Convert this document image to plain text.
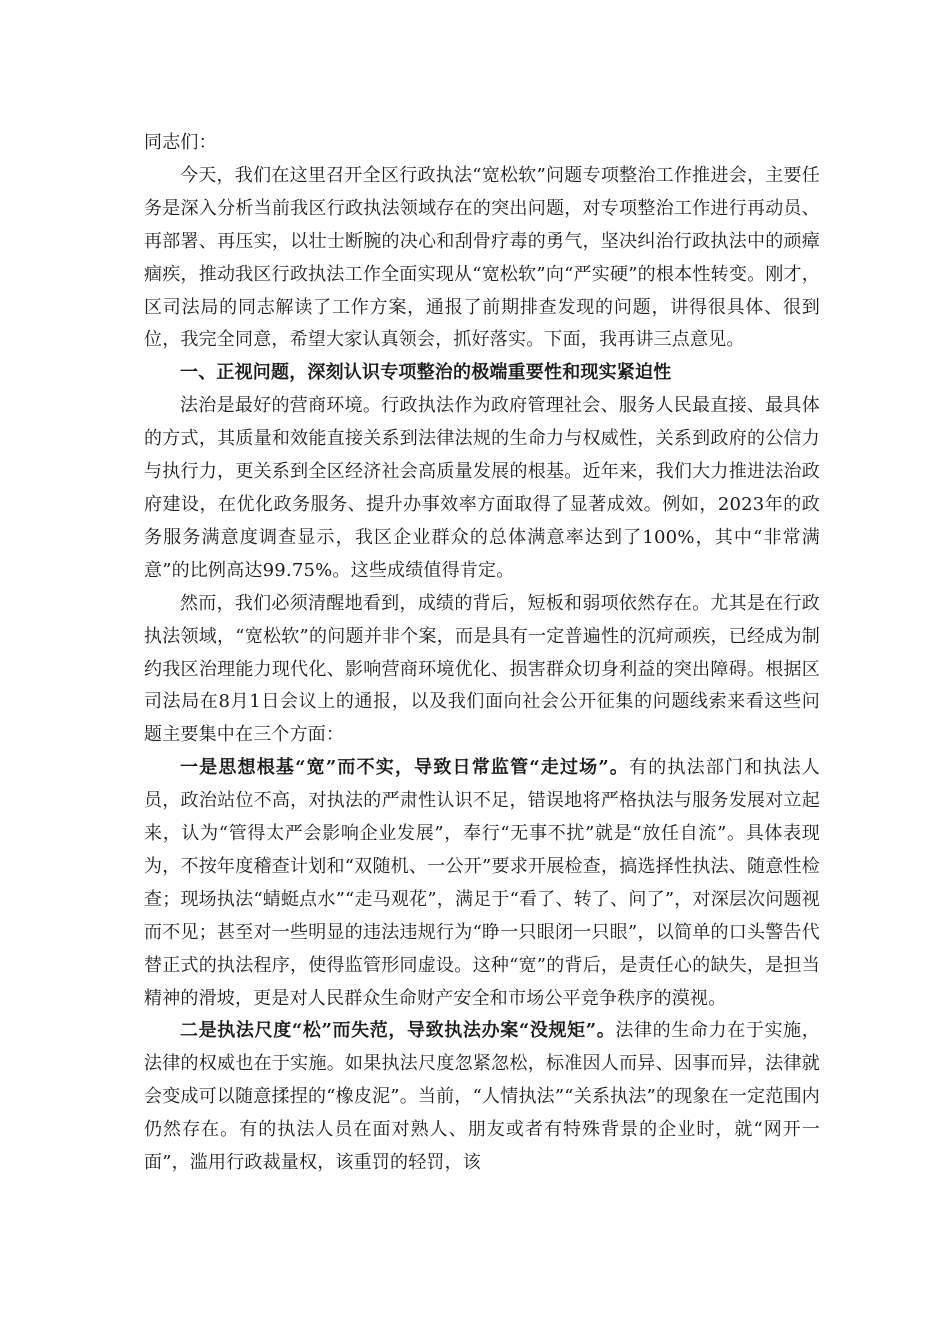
同志们：

今天，我们在这里召开全区行政执法“宽松软”问题专项整治工作推进会，主要任务是深入分析当前我区行政执法领域存在的突出问题，对专项整治工作进行再动员、再部署、再压实，以壮士断腕的决心和刮骨疗毒的勇气，坚决纠治行政执法中的顽瘴痼疾，推动我区行政执法工作全面实现从“宽松软”向“严实硬”的根本性转变。刚才，区司法局的同志解读了工作方案，通报了前期排查发现的问题，讲得很具体、很到位，我完全同意，希望大家认真领会，抓好落实。下面，我再讲三点意见。

一、正视问题，深刻认识专项整治的极端重要性和现实紧迫性

法治是最好的营商环境。行政执法作为政府管理社会、服务人民最直接、最具体的方式，其质量和效能直接关系到法律法规的生命力与权威性，关系到政府的公信力与执行力，更关系到全区经济社会高质量发展的根基。近年来，我们大力推进法治政府建设，在优化政务服务、提升办事效率方面取得了显著成效。例如，2023年的政务服务满意度调查显示，我区企业群众的总体满意率达到了100%，其中“非常满意”的比例高达99.75%。这些成绩值得肯定。

然而，我们必须清醒地看到，成绩的背后，短板和弱项依然存在。尤其是在行政执法领域，“宽松软”的问题并非个案，而是具有一定普遍性的沉疴顽疾，已经成为制约我区治理能力现代化、影响营商环境优化、损害群众切身利益的突出障碍。根据区司法局在8月1日会议上的通报，以及我们面向社会公开征集的问题线索来看这些问题主要集中在三个方面：

一是思想根基“宽”而不实，导致日常监管“走过场”。有的执法部门和执法人员，政治站位不高，对执法的严肃性认识不足，错误地将严格执法与服务发展对立起来，认为“管得太严会影响企业发展”，奉行“无事不扰”就是“放任自流”。具体表现为，不按年度稽查计划和“双随机、一公开”要求开展检查，搞选择性执法、随意性检查；现场执法“蜻蜓点水”“走马观花”，满足于“看了、转了、问了”，对深层次问题视而不见；甚至对一些明显的违法违规行为“睁一只眼闭一只眼”，以简单的口头警告代替正式的执法程序，使得监管形同虚设。这种“宽”的背后，是责任心的缺失，是担当精神的滑坡，更是对人民群众生命财产安全和市场公平竞争秩序的漠视。

二是执法尺度“松”而失范，导致执法办案“没规矩”。法律的生命力在于实施，法律的权威也在于实施。如果执法尺度忽紧忽松，标准因人而异、因事而异，法律就会变成可以随意揉捏的“橡皮泥”。当前，“人情执法”“关系执法”的现象在一定范围内仍然存在。有的执法人员在面对熟人、朋友或者有特殊背景的企业时，就“网开一面”，滥用行政裁量权，该重罚的轻罚，该
